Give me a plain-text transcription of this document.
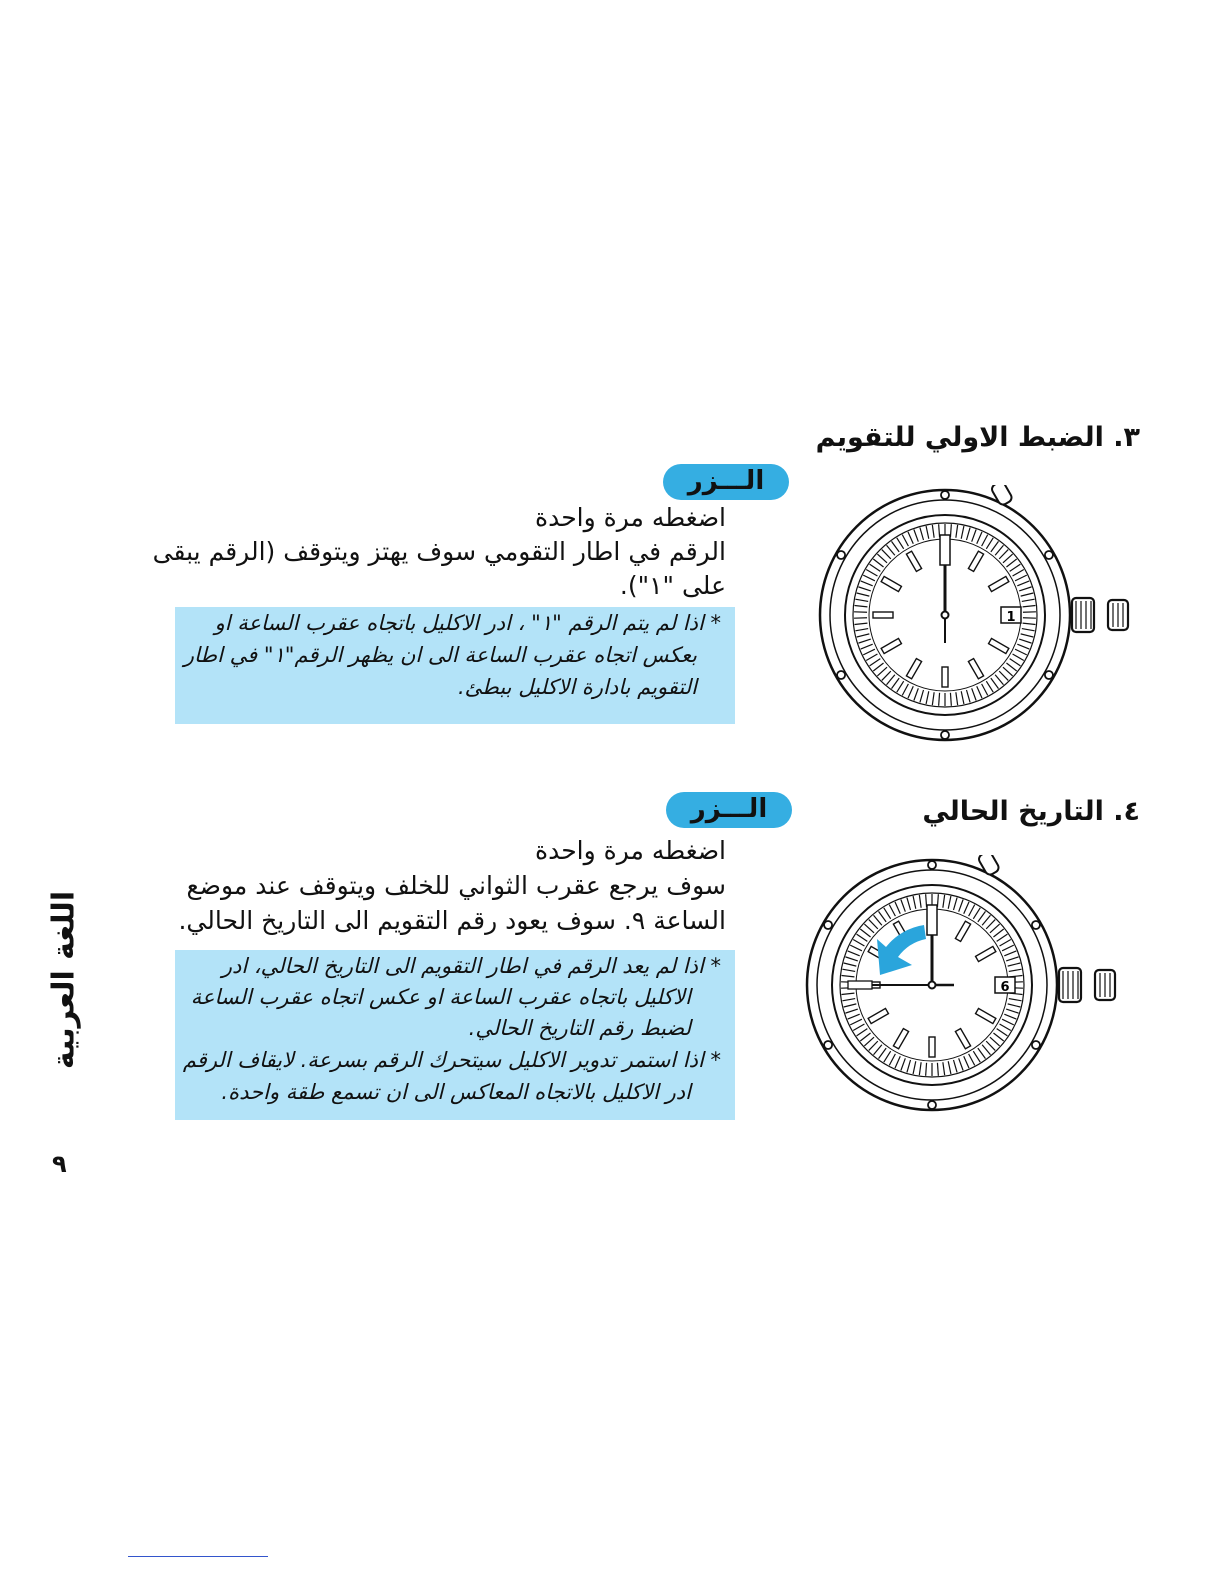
٣. الضبط الاولي للتقويم
الـــزر
اضغطه مرة واحدة
الرقم في اطار التقومي سوف يهتز ويتوقف (الرقم يبقى
على "١").
* اذا لم يتم الرقم "١" ، ادر الاكليل باتجاه عقرب الساعة او
بعكس اتجاه عقرب الساعة الى ان يظهر الرقم"١" في اطار
التقويم بادارة الاكليل ببطئ.
1
٤. التاريخ الحالي
الـــزر
اضغطه مرة واحدة
سوف يرجع عقرب الثواني للخلف ويتوقف عند موضع
الساعة ٩. سوف يعود رقم التقويم الى التاريخ الحالي.
* اذا لم يعد الرقم في اطار التقويم الى التاريخ الحالي، ادر
الاكليل باتجاه عقرب الساعة او عكس اتجاه عقرب الساعة
لضبط رقم التاريخ الحالي.
* اذا استمر تدوير الاكليل سيتحرك الرقم بسرعة. لايقاف الرقم
ادر الاكليل بالاتجاه المعاكس الى ان تسمع طقة واحدة.
6
اللغة العربية
٩
